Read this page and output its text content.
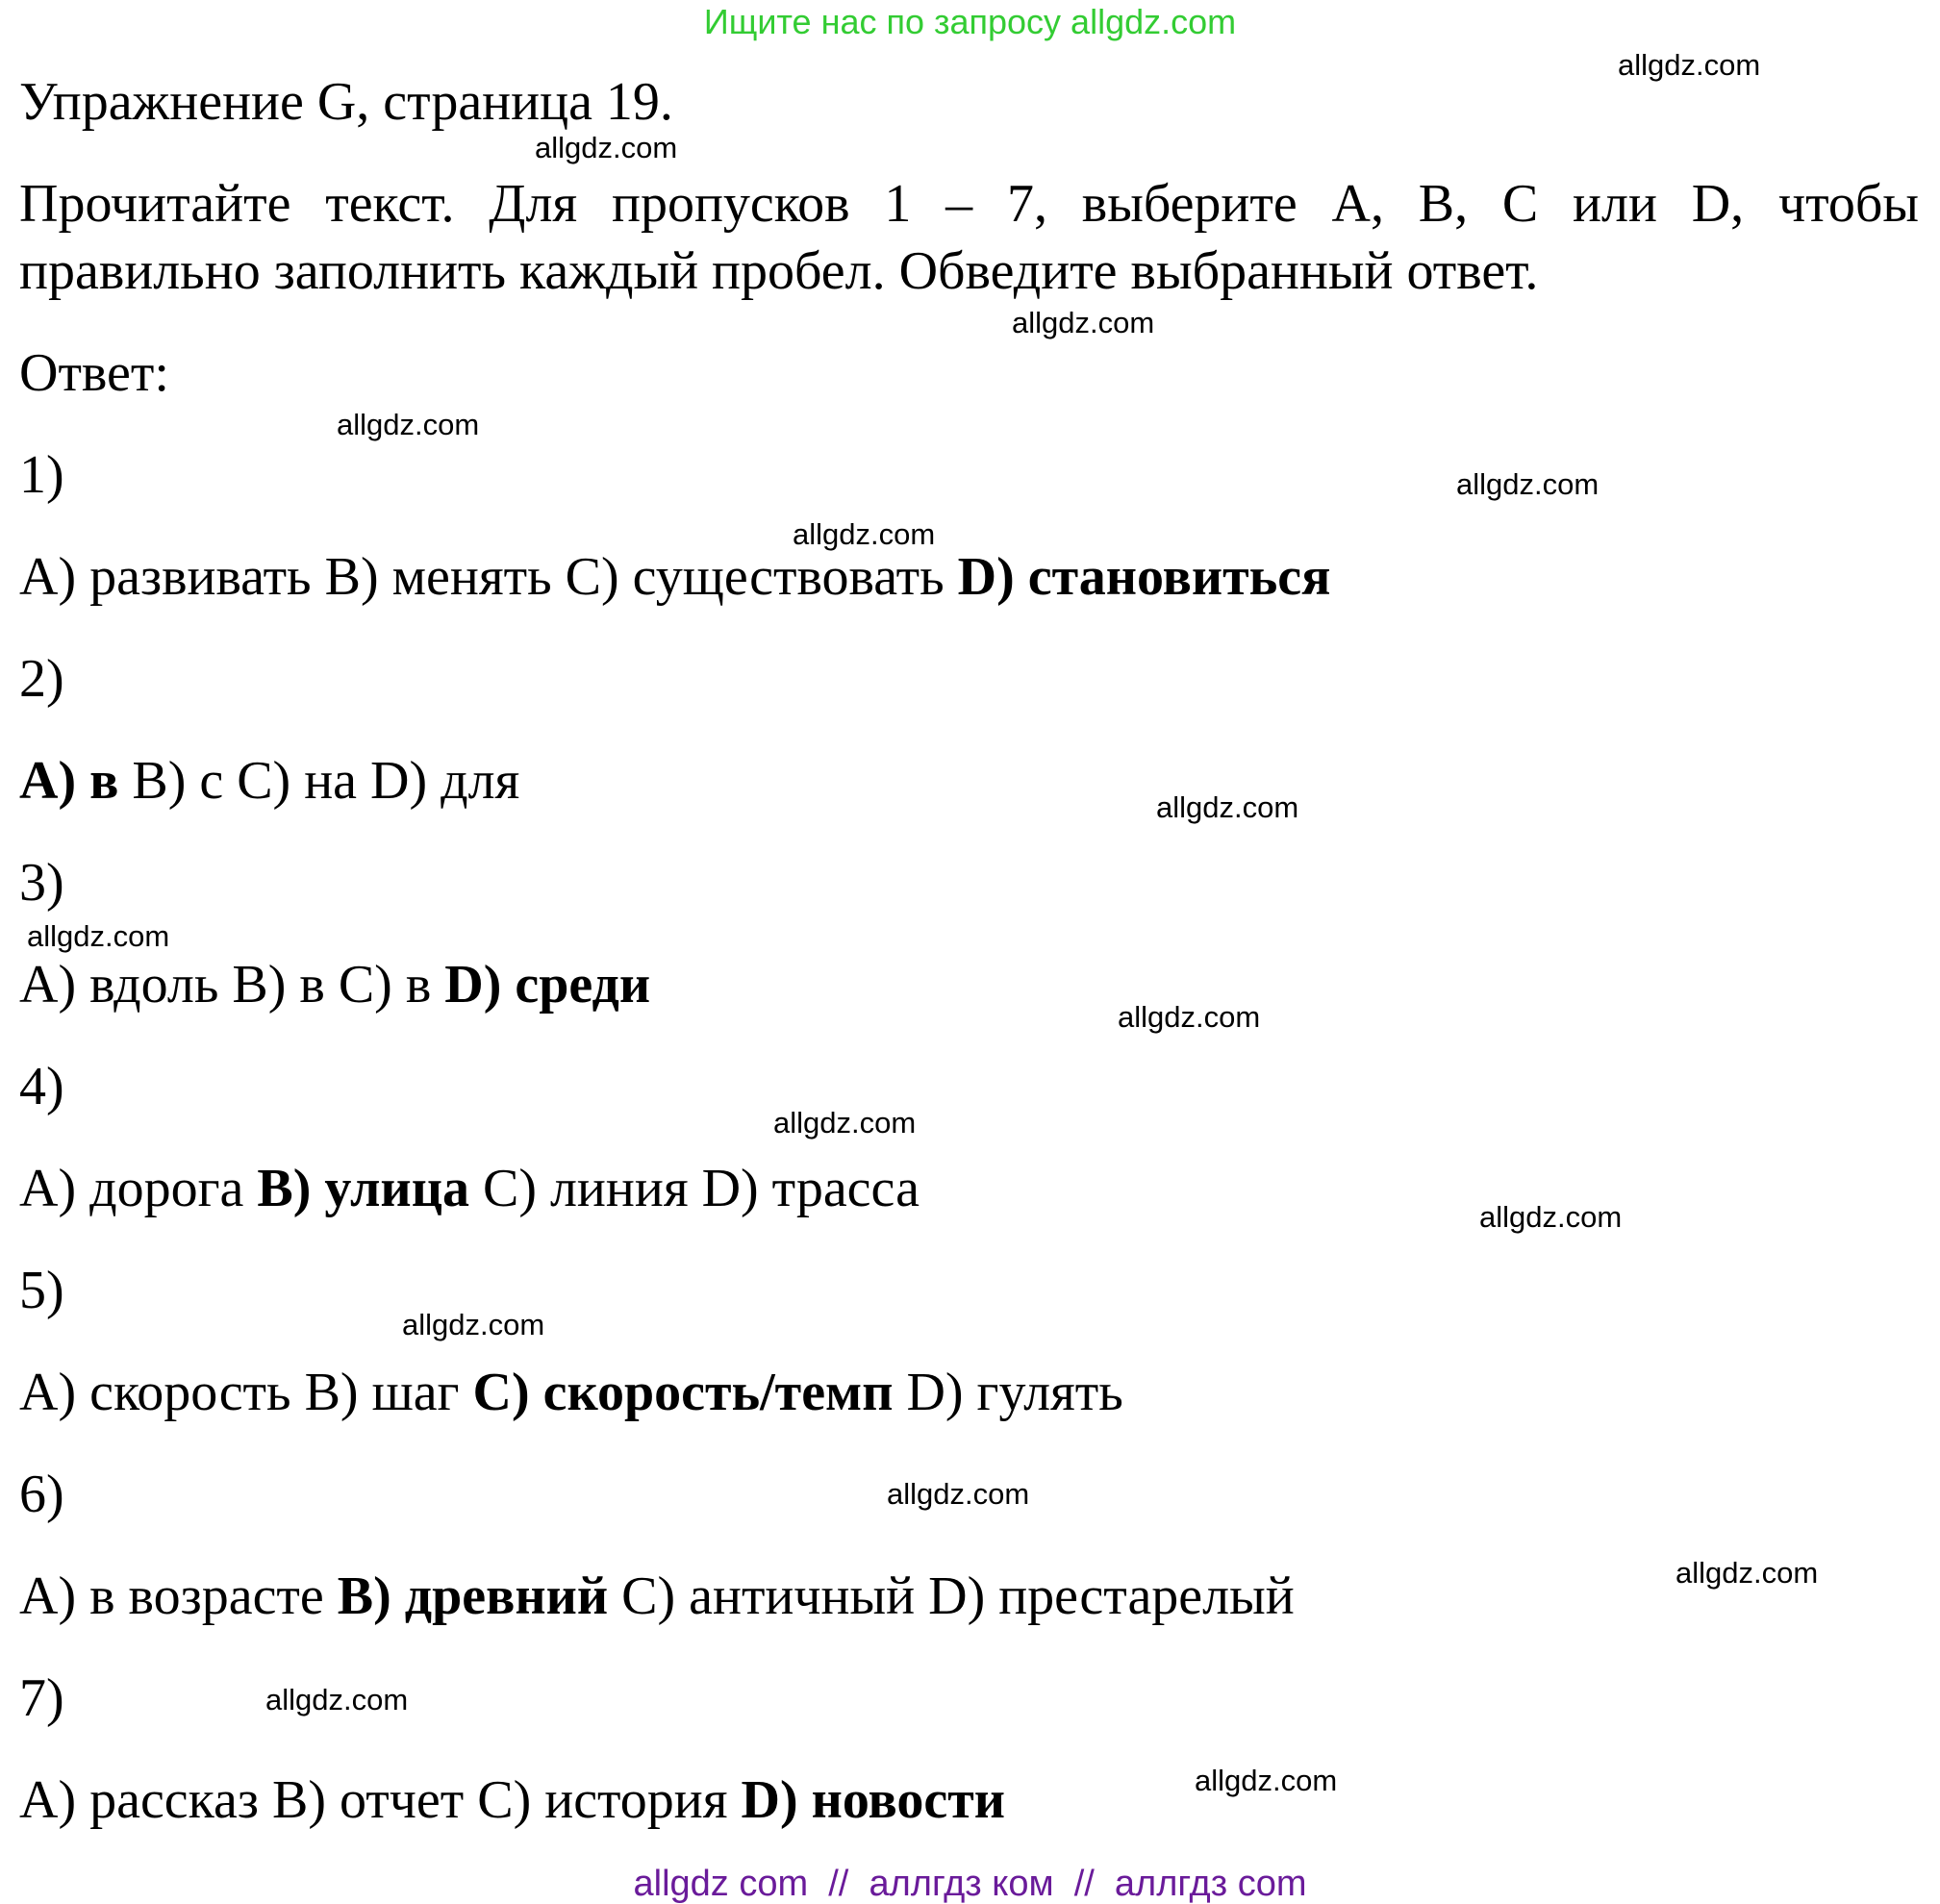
Ищите нас по запросу allgdz.com
allgdz.com
allgdz.com
allgdz.com
allgdz.com
allgdz.com
allgdz.com
allgdz.com
allgdz.com
allgdz.com
allgdz.com
allgdz.com
allgdz.com
allgdz.com
allgdz.com
allgdz.com
allgdz.com

Упражнение G, страница 19.

Прочитайте текст. Для пропусков 1 – 7, выберите A, B, C или D, чтобы

правильно заполнить каждый пробел. Обведите выбранный ответ.

Ответ:

1)

A) развивать B) менять C) существовать D) становиться

2)

A) в B) с C) на D) для

3)

A) вдоль B) в C) в D) среди

4)

A) дорога B) улица C) линия D) трасса

5)

A) скорость B) шаг C) скорость/темп D) гулять

6)

A) в возрасте B) древний C) античный D) престарелый

7)

A) рассказ B) отчет C) история D) новости

allgdz com  //  аллгдз ком  //  аллгдз com
